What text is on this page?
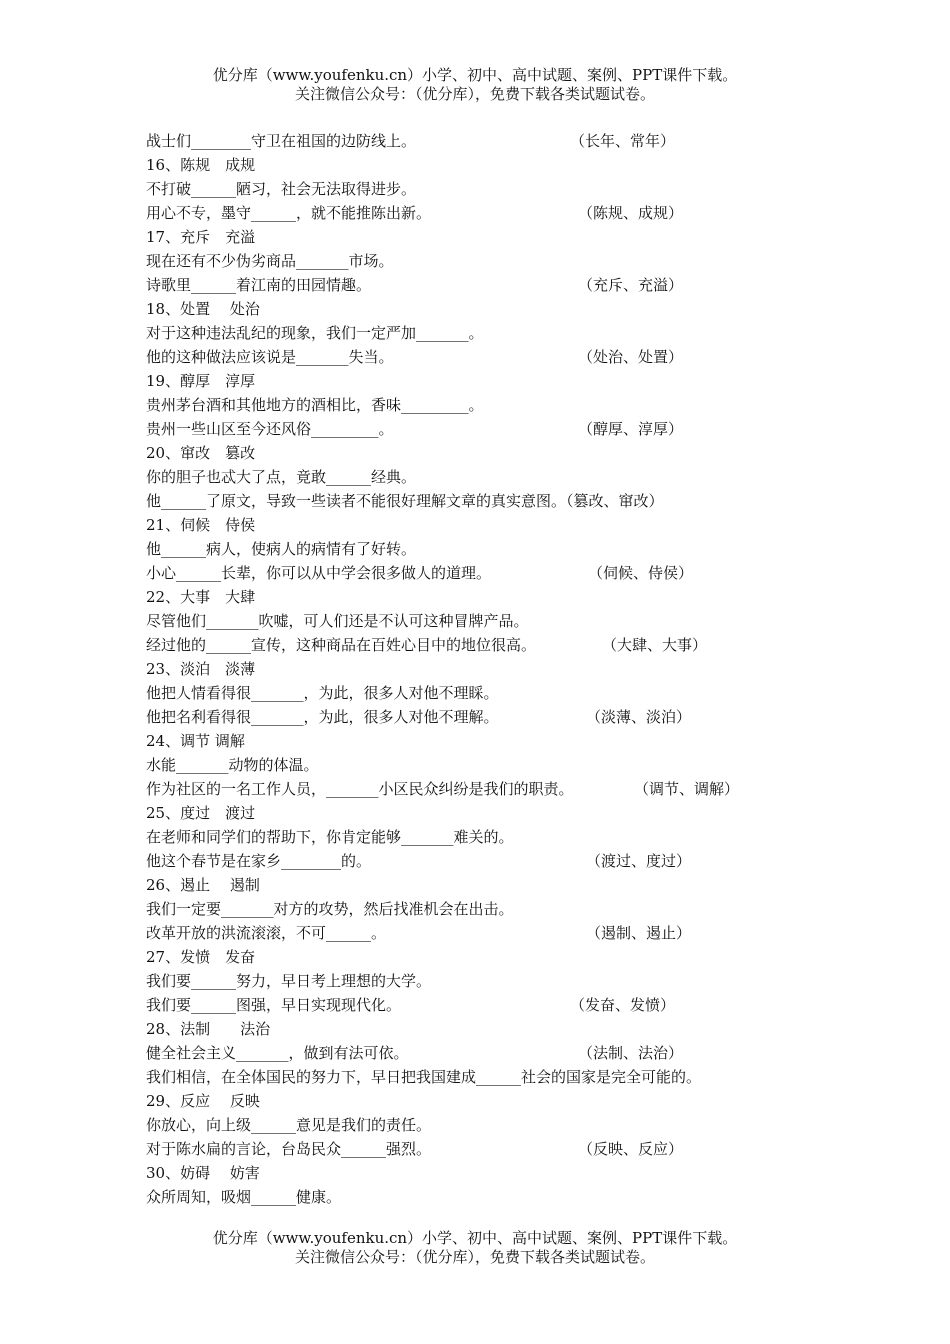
优分库（www.youfenku.cn）小学、初中、高中试题、案例、PPT课件下载。
关注微信公众号：（优分库），免费下载各类试题试卷。
战士们________守卫在祖国的边防线上。	（长年、常年）
16、陈规　成规
不打破______陋习，社会无法取得进步。
用心不专，墨守______，就不能推陈出新。	（陈规、成规）
17、充斥　充溢
现在还有不少伪劣商品_______市场。
诗歌里______着江南的田园情趣。	（充斥、充溢）
18、处置　 处治
对于这种违法乱纪的现象，我们一定严加_______。
他的这种做法应该说是_______失当。	（处治、处置）
19、醇厚　淳厚
贵州茅台酒和其他地方的酒相比，香味_________。
贵州一些山区至今还风俗_________。	（醇厚、淳厚）
20、窜改　篡改
你的胆子也忒大了点，竟敢______经典。
他______了原文，导致一些读者不能很好理解文章的真实意图。（篡改、窜改）
21、伺候　侍侯
他______病人，使病人的病情有了好转。
小心______长辈，你可以从中学会很多做人的道理。	（伺候、侍侯）
22、大事　大肆
尽管他们_______吹嘘，可人们还是不认可这种冒牌产品。
经过他的______宣传，这种商品在百姓心目中的地位很高。	（大肆、大事）
23、淡泊　淡薄
他把人情看得很_______，为此，很多人对他不理睬。
他把名利看得很_______，为此，很多人对他不理解。	（淡薄、淡泊）
24、调节 调解
水能_______动物的体温。
作为社区的一名工作人员，_______小区民众纠纷是我们的职责。	（调节、调解）
25、度过　渡过
在老师和同学们的帮助下，你肯定能够_______难关的。
他这个春节是在家乡________的。	（渡过、度过）
26、遏止　 遏制
我们一定要_______对方的攻势，然后找准机会在出击。
改革开放的洪流滚滚，不可______。	（遏制、遏止）
27、发愤　发奋
我们要______努力，早日考上理想的大学。
我们要______图强，早日实现现代化。	（发奋、发愤）
28、法制　　法治
健全社会主义_______，做到有法可依。	（法制、法治）
我们相信，在全体国民的努力下，早日把我国建成______社会的国家是完全可能的。
29、反应　 反映
你放心，向上级______意见是我们的责任。
对于陈水扁的言论，台岛民众______强烈。	（反映、反应）
30、妨碍　 妨害
众所周知，吸烟______健康。
优分库（www.youfenku.cn）小学、初中、高中试题、案例、PPT课件下载。
关注微信公众号：（优分库），免费下载各类试题试卷。
